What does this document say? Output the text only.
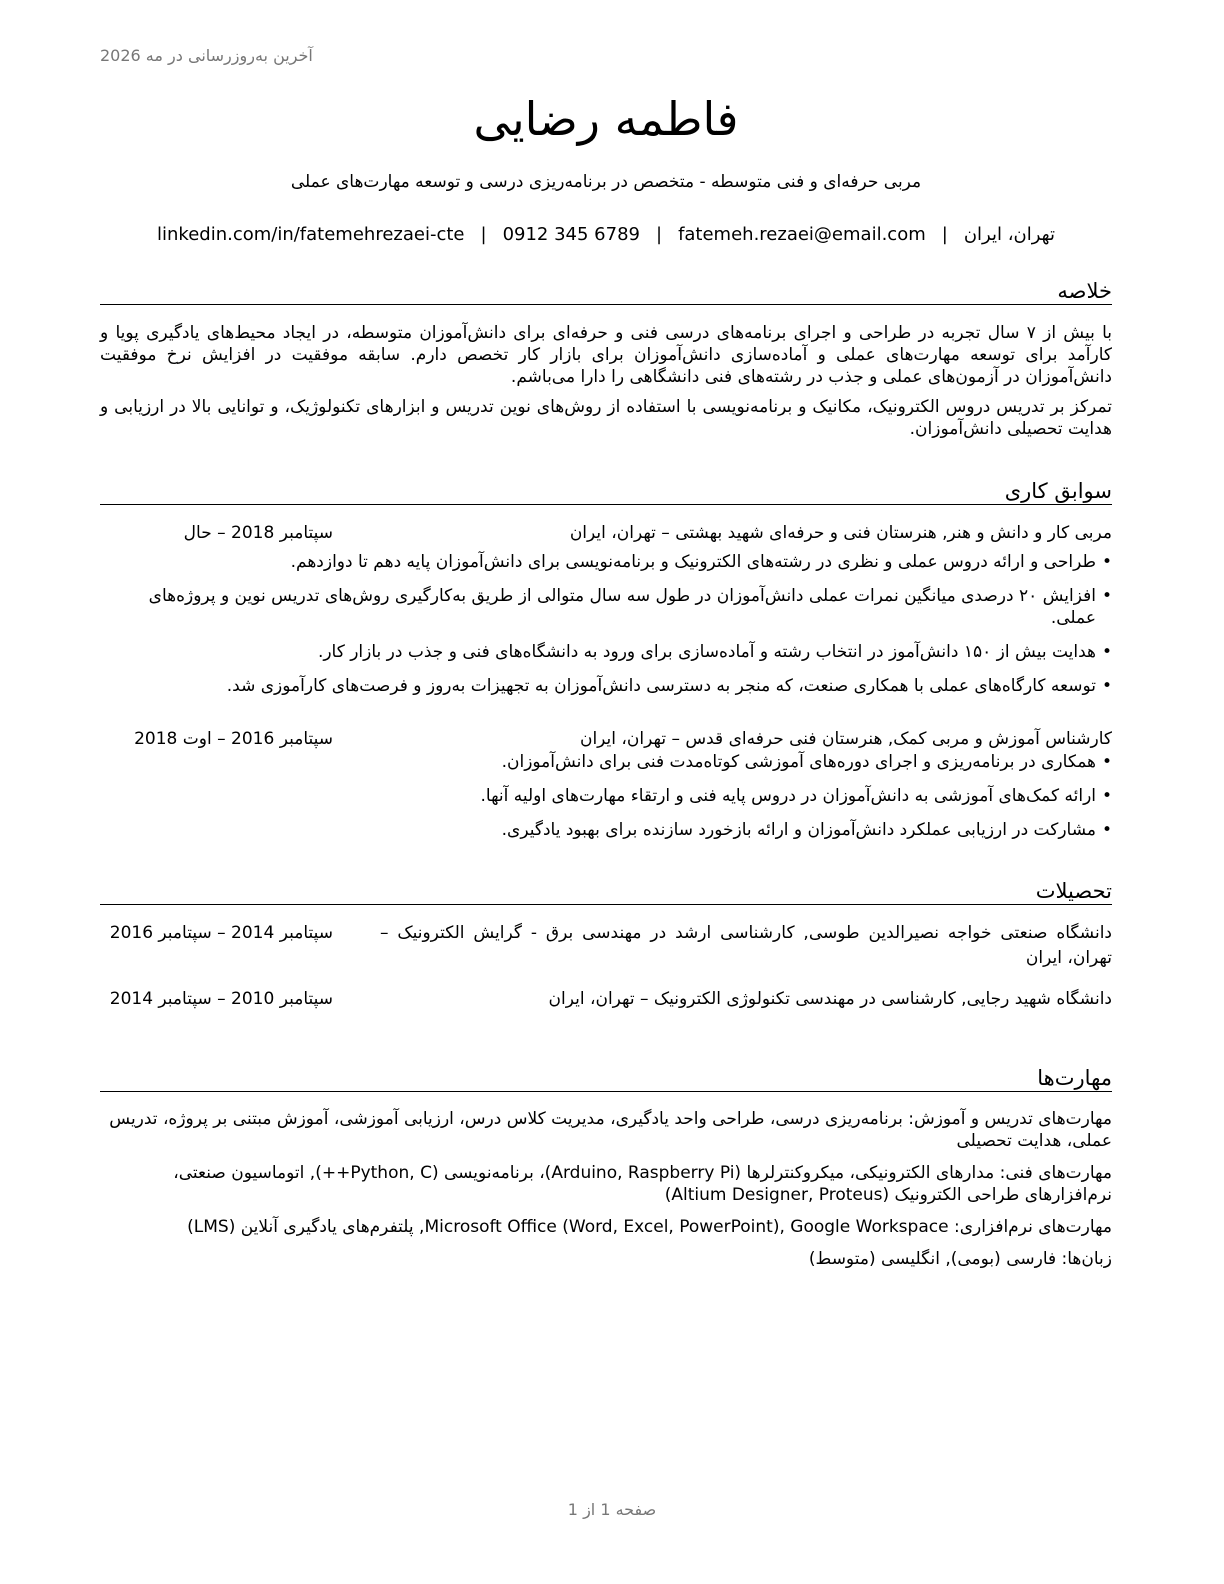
آخرین به‌روزرسانی در مه 2026
فاطمه رضایی
مربی حرفه‌ای و فنی متوسطه - متخصص در برنامه‌ریزی درسی و توسعه مهارت‌های عملی
تهران، ایران|fatemeh.rezaei@email.com|0912 345 6789|linkedin.com/in/fatemehrezaei-cte
خلاصه

با بیش از ۷ سال تجربه در طراحی و اجرای برنامه‌های درسی فنی و حرفه‌ای برای دانش‌آموزان متوسطه، در ایجاد محیط‌های یادگیری پویا و کارآمد برای توسعه مهارت‌های عملی و آماده‌سازی دانش‌آموزان برای بازار کار تخصص دارم. سابقه موفقیت در افزایش نرخ موفقیت دانش‌آموزان در آزمون‌های عملی و جذب در رشته‌های فنی دانشگاهی را دارا می‌باشم.

تمرکز بر تدریس دروس الکترونیک، مکانیک و برنامه‌نویسی با استفاده از روش‌های نوین تدریس و ابزارهای تکنولوژیک، و توانایی بالا در ارزیابی و هدایت تحصیلی دانش‌آموزان.

سوابق کاری
مربی کار و دانش و هنر, هنرستان فنی و حرفه‌ای شهید بهشتی – تهران، ایران
سپتامبر 2018 – حال
• طراحی و ارائه دروس عملی و نظری در رشته‌های الکترونیک و برنامه‌نویسی برای دانش‌آموزان پایه دهم تا دوازدهم.
• افزایش ۲۰ درصدی میانگین نمرات عملی دانش‌آموزان در طول سه سال متوالی از طریق به‌کارگیری روش‌های تدریس نوین و پروژه‌های عملی.
• هدایت بیش از ۱۵۰ دانش‌آموز در انتخاب رشته و آماده‌سازی برای ورود به دانشگاه‌های فنی و جذب در بازار کار.
• توسعه کارگاه‌های عملی با همکاری صنعت، که منجر به دسترسی دانش‌آموزان به تجهیزات به‌روز و فرصت‌های کارآموزی شد.
کارشناس آموزش و مربی کمک, هنرستان فنی حرفه‌ای قدس – تهران، ایران
سپتامبر 2016 – اوت 2018
• همکاری در برنامه‌ریزی و اجرای دوره‌های آموزشی کوتاه‌مدت فنی برای دانش‌آموزان.
• ارائه کمک‌های آموزشی به دانش‌آموزان در دروس پایه فنی و ارتقاء مهارت‌های اولیه آنها.
• مشارکت در ارزیابی عملکرد دانش‌آموزان و ارائه بازخورد سازنده برای بهبود یادگیری.
تحصیلات
دانشگاه صنعتی خواجه نصیرالدین طوسی, کارشناسی ارشد در مهندسی برق - گرایش الکترونیک – تهران، ایران
سپتامبر 2014 – سپتامبر 2016
دانشگاه شهید رجایی, کارشناسی در مهندسی تکنولوژی الکترونیک – تهران، ایران
سپتامبر 2010 – سپتامبر 2014
مهارت‌ها

مهارت‌های تدریس و آموزش: برنامه‌ریزی درسی، طراحی واحد یادگیری، مدیریت کلاس درس، ارزیابی آموزشی، آموزش مبتنی بر پروژه، تدریس عملی، هدایت تحصیلی

مهارت‌های فنی: مدارهای الکترونیکی، میکروکنترلرها (Arduino, Raspberry Pi)، برنامه‌نویسی (Python, C++), اتوماسیون صنعتی، نرم‌افزارهای طراحی الکترونیک (Altium Designer, Proteus)

مهارت‌های نرم‌افزاری: Microsoft Office (Word, Excel, PowerPoint), Google Workspace, پلتفرم‌های یادگیری آنلاین (LMS)

زبان‌ها: فارسی (بومی), انگلیسی (متوسط)

صفحه 1 از 1
